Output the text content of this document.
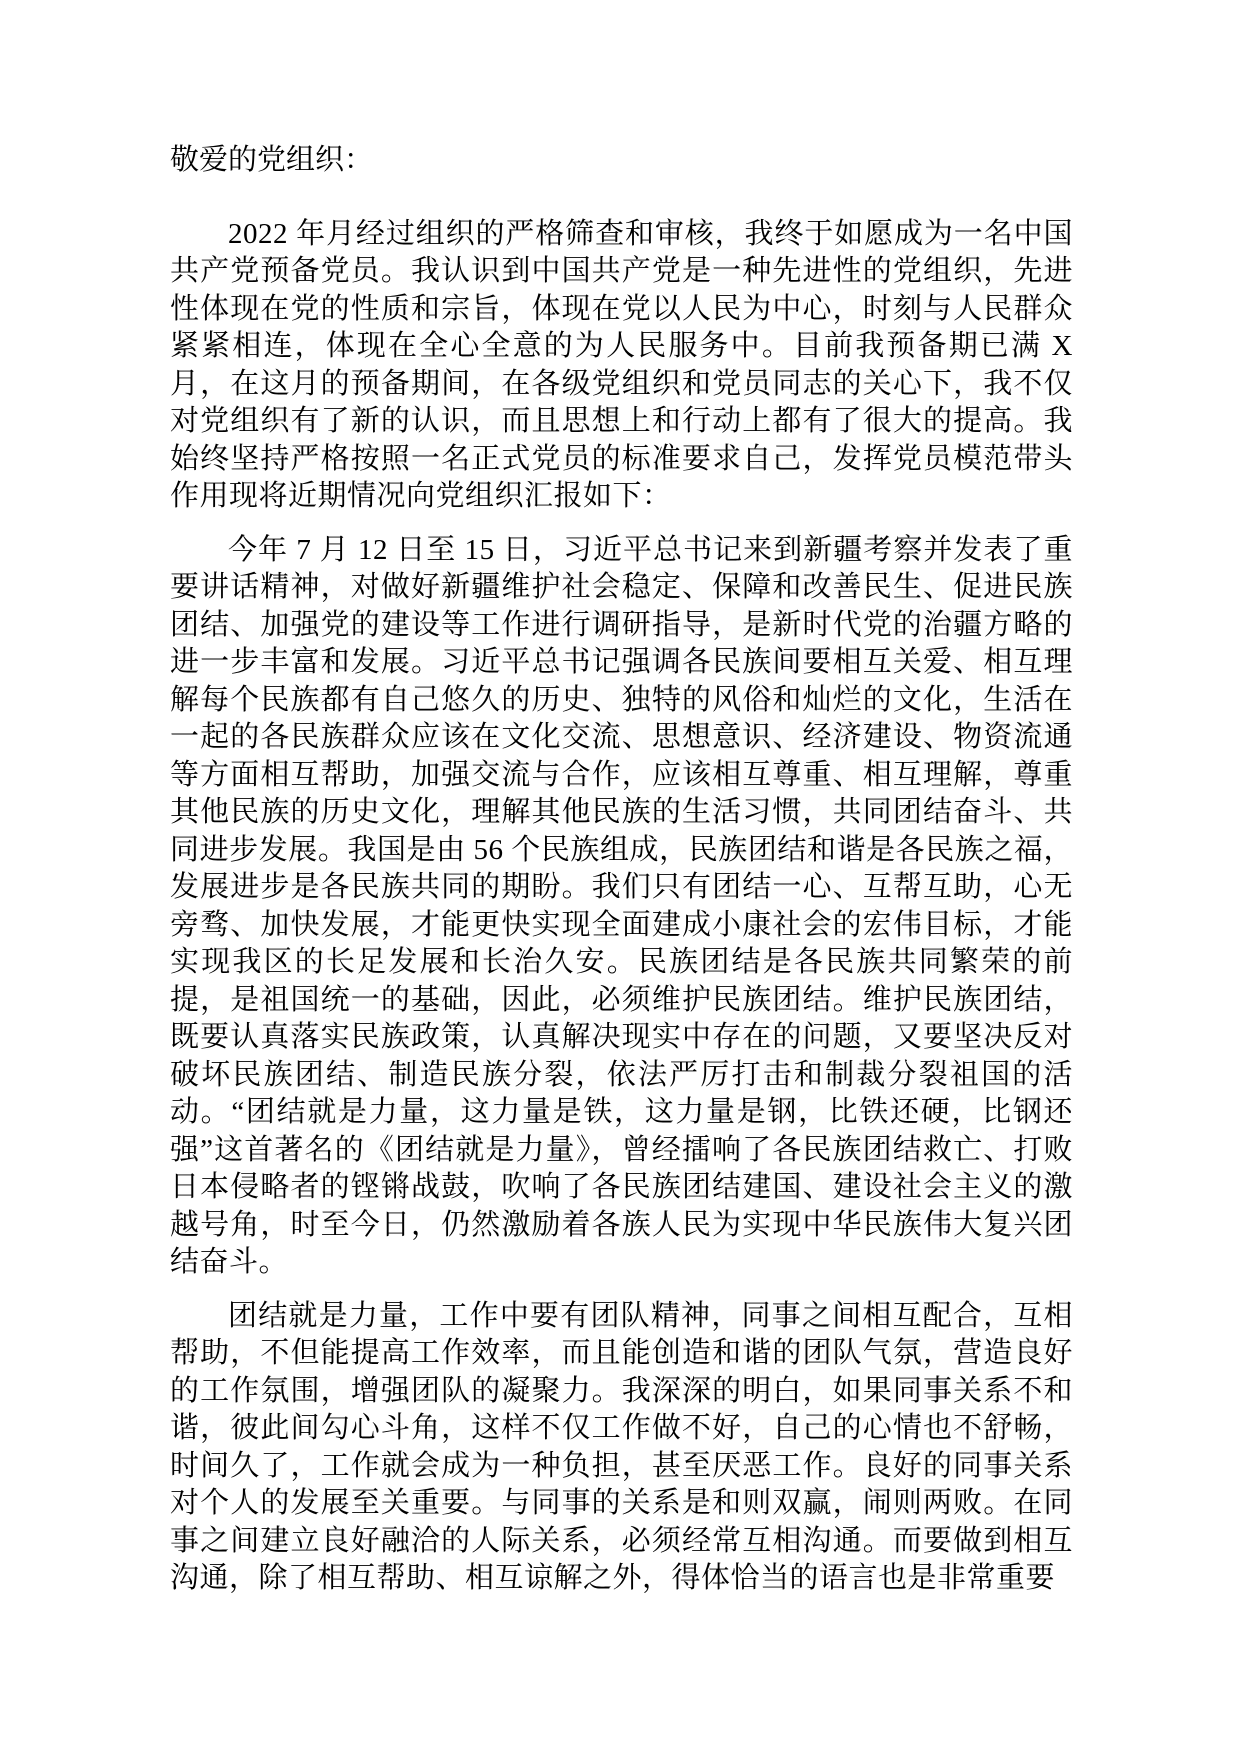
敬爱的党组织：

2022 年月经过组织的严格筛查和审核，我终于如愿成为一名中国共产党预备党员。我认识到中国共产党是一种先进性的党组织，先进性体现在党的性质和宗旨，体现在党以人民为中心，时刻与人民群众紧紧相连，体现在全心全意的为人民服务中。目前我预备期已满 X 月，在这月的预备期间，在各级党组织和党员同志的关心下，我不仅对党组织有了新的认识，而且思想上和行动上都有了很大的提高。我始终坚持严格按照一名正式党员的标准要求自己，发挥党员模范带头作用现将近期情况向党组织汇报如下：

今年 7 月 12 日至 15 日，习近平总书记来到新疆考察并发表了重要讲话精神，对做好新疆维护社会稳定、保障和改善民生、促进民族团结、加强党的建设等工作进行调研指导，是新时代党的治疆方略的进一步丰富和发展。习近平总书记强调各民族间要相互关爱、相互理解每个民族都有自己悠久的历史、独特的风俗和灿烂的文化，生活在一起的各民族群众应该在文化交流、思想意识、经济建设、物资流通等方面相互帮助，加强交流与合作，应该相互尊重、相互理解，尊重其他民族的历史文化，理解其他民族的生活习惯，共同团结奋斗、共同进步发展。我国是由 56 个民族组成，民族团结和谐是各民族之福，发展进步是各民族共同的期盼。我们只有团结一心、互帮互助，心无旁骛、加快发展，才能更快实现全面建成小康社会的宏伟目标，才能实现我区的长足发展和长治久安。民族团结是各民族共同繁荣的前提，是祖国统一的基础，因此，必须维护民族团结。维护民族团结，既要认真落实民族政策，认真解决现实中存在的问题，又要坚决反对破坏民族团结、制造民族分裂，依法严厉打击和制裁分裂祖国的活动。“团结就是力量，这力量是铁，这力量是钢，比铁还硬，比钢还强”这首著名的《团结就是力量》，曾经擂响了各民族团结救亡、打败日本侵略者的铿锵战鼓，吹响了各民族团结建国、建设社会主义的激越号角，时至今日，仍然激励着各族人民为实现中华民族伟大复兴团结奋斗。

团结就是力量，工作中要有团队精神，同事之间相互配合，互相帮助，不但能提高工作效率，而且能创造和谐的团队气氛，营造良好的工作氛围，增强团队的凝聚力。我深深的明白，如果同事关系不和谐，彼此间勾心斗角，这样不仅工作做不好，自己的心情也不舒畅，时间久了，工作就会成为一种负担，甚至厌恶工作。良好的同事关系对个人的发展至关重要。与同事的关系是和则双赢，闹则两败。在同事之间建立良好融洽的人际关系，必须经常互相沟通。而要做到相互沟通，除了相互帮助、相互谅解之外，得体恰当的语言也是非常重要
